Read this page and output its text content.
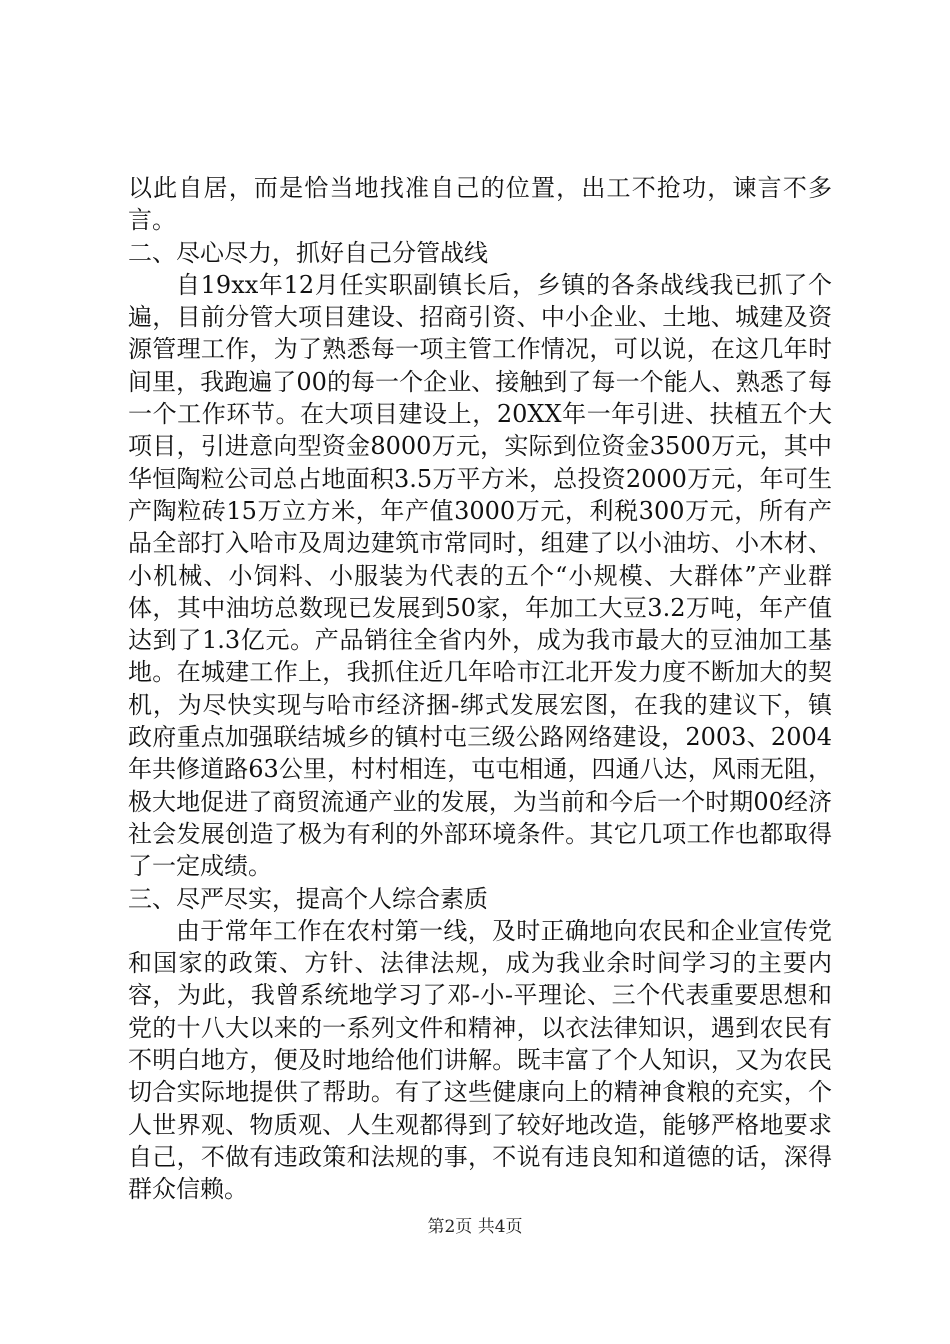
以此自居，而是恰当地找准自己的位置，出工不抢功，谏言不多言。

二、尽心尽力，抓好自己分管战线

自19xx年12月任实职副镇长后，乡镇的各条战线我已抓了个遍，目前分管大项目建设、招商引资、中小企业、土地、城建及资源管理工作，为了熟悉每一项主管工作情况，可以说，在这几年时间里，我跑遍了00的每一个企业、接触到了每一个能人、熟悉了每一个工作环节。在大项目建设上，20XX年一年引进、扶植五个大项目，引进意向型资金8000万元，实际到位资金3500万元，其中华恒陶粒公司总占地面积3.5万平方米，总投资2000万元，年可生产陶粒砖15万立方米，年产值3000万元，利税300万元，所有产品全部打入哈市及周边建筑市常同时，组建了以小油坊、小木材、小机械、小饲料、小服装为代表的五个“小规模、大群体”产业群体，其中油坊总数现已发展到50家，年加工大豆3.2万吨，年产值达到了1.3亿元。产品销往全省内外，成为我市最大的豆油加工基地。在城建工作上，我抓住近几年哈市江北开发力度不断加大的契机，为尽快实现与哈市经济捆-绑式发展宏图，在我的建议下，镇政府重点加强联结城乡的镇村屯三级公路网络建设，2003、2004年共修道路63公里，村村相连，屯屯相通，四通八达，风雨无阻，极大地促进了商贸流通产业的发展，为当前和今后一个时期00经济社会发展创造了极为有利的外部环境条件。其它几项工作也都取得了一定成绩。

三、尽严尽实，提高个人综合素质

由于常年工作在农村第一线，及时正确地向农民和企业宣传党和国家的政策、方针、法律法规，成为我业余时间学习的主要内容，为此，我曾系统地学习了邓-小-平理论、三个代表重要思想和党的十八大以来的一系列文件和精神，以衣法律知识，遇到农民有不明白地方，便及时地给他们讲解。既丰富了个人知识，又为农民切合实际地提供了帮助。有了这些健康向上的精神食粮的充实，个人世界观、物质观、人生观都得到了较好地改造，能够严格地要求自己，不做有违政策和法规的事，不说有违良知和道德的话，深得群众信赖。

第2页 共4页
